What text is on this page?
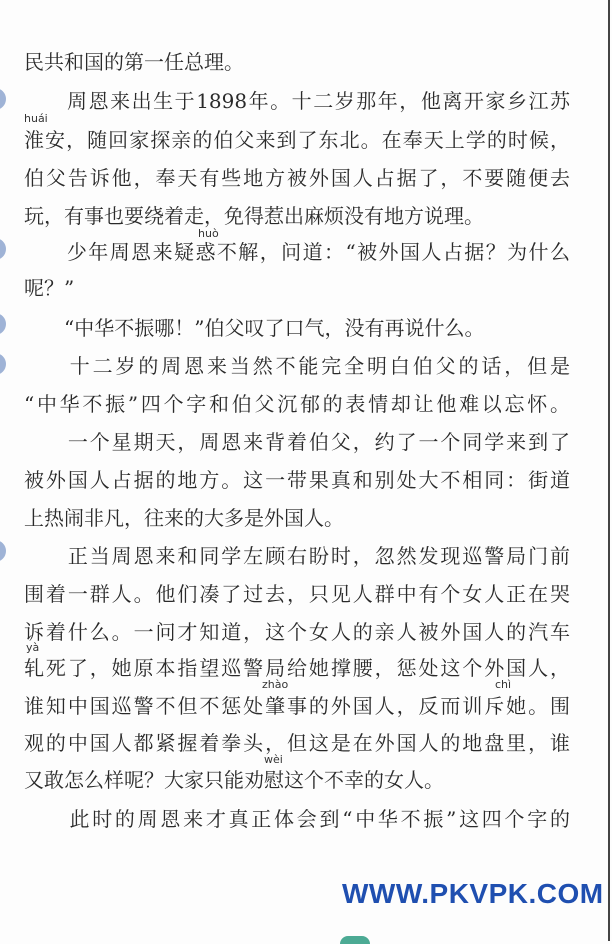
民共和国的第一任总理。
　　周恩来出生于1898年。十二岁那年，他离开家乡江苏
huái
淮安，随回家探亲的伯父来到了东北。在奉天上学的时候，
伯父告诉他，奉天有些地方被外国人占据了，不要随便去
玩，有事也要绕着走，免得惹出麻烦没有地方说理。
huò
　　少年周恩来疑惑不解，问道：“被外国人占据？为什么
呢？”
　　“中华不振哪！”伯父叹了口气，没有再说什么。
　　十二岁的周恩来当然不能完全明白伯父的话，但是
“中华不振”四个字和伯父沉郁的表情却让他难以忘怀。
　　一个星期天，周恩来背着伯父，约了一个同学来到了
被外国人占据的地方。这一带果真和别处大不相同：街道
上热闹非凡，往来的大多是外国人。
　　正当周恩来和同学左顾右盼时，忽然发现巡警局门前
围着一群人。他们凑了过去，只见人群中有个女人正在哭
诉着什么。一问才知道，这个女人的亲人被外国人的汽车
yà
轧死了，她原本指望巡警局给她撑腰，惩处这个外国人，
zhào	chì
谁知中国巡警不但不惩处肇事的外国人，反而训斥她。围
观的中国人都紧握着拳头，但这是在外国人的地盘里，谁
wèi
又敢怎么样呢？大家只能劝慰这个不幸的女人。
　　此时的周恩来才真正体会到“中华不振”这四个字的
WWW.PKVPK.COM
